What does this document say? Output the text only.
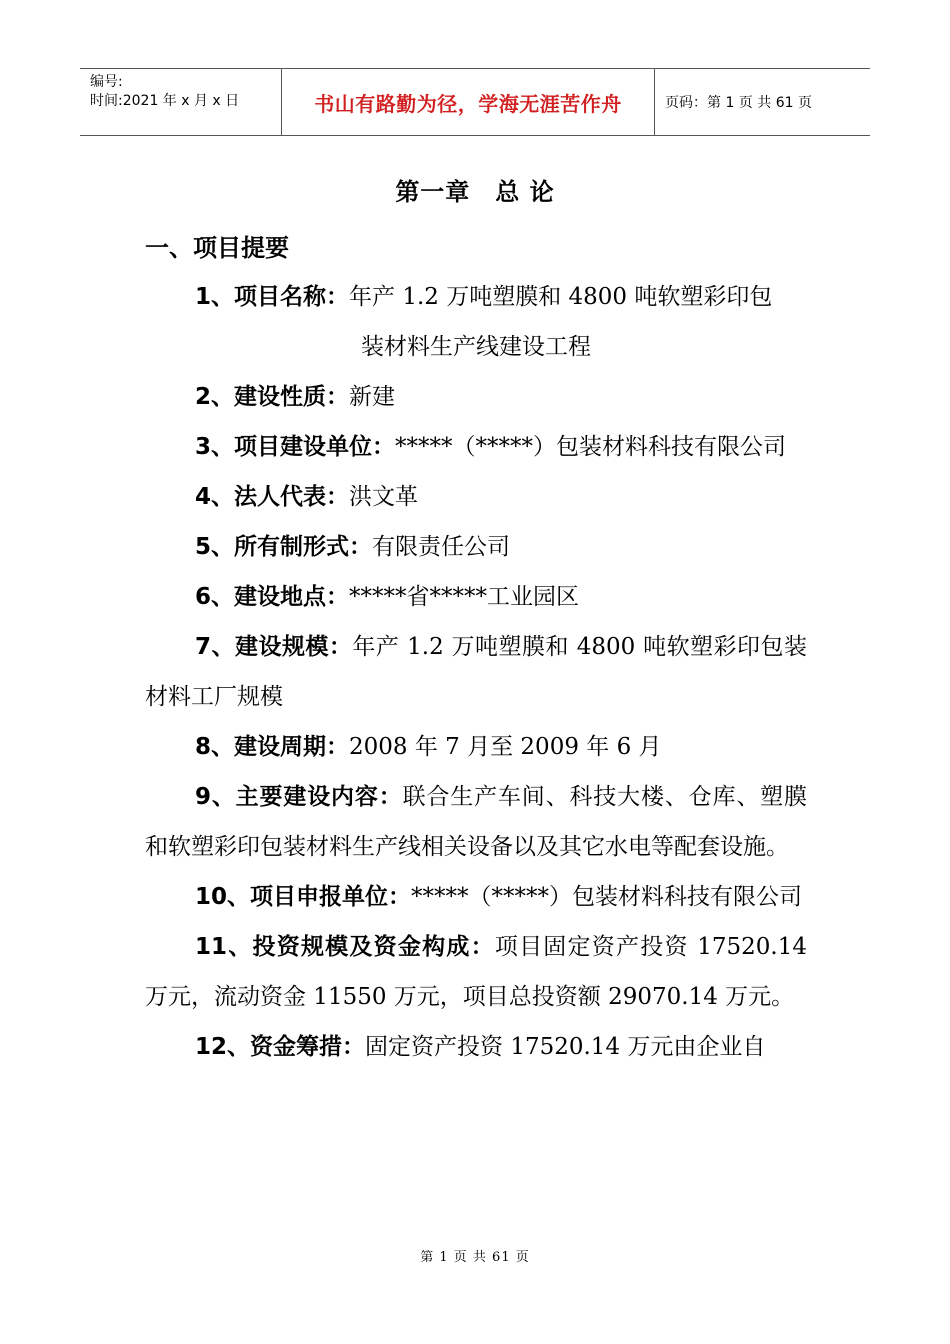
编号:
时间:2021 年 x 月 x 日	书山有路勤为径，学海无涯苦作舟	页码：第 1 页 共 61 页
第一章　总 论
一、项目提要

1、项目名称：年产 1.2 万吨塑膜和 4800 吨软塑彩印包

装材料生产线建设工程

2、建设性质：新建

3、项目建设单位：*****（*****）包装材料科技有限公司

4、法人代表：洪文革

5、所有制形式：有限责任公司

6、建设地点：*****省*****工业园区

7、建设规模：年产 1.2 万吨塑膜和 4800 吨软塑彩印包装材料工厂规模

8、建设周期：2008 年 7 月至 2009 年 6 月

9、主要建设内容：联合生产车间、科技大楼、仓库、塑膜和软塑彩印包装材料生产线相关设备以及其它水电等配套设施。

10、项目申报单位：*****（*****）包装材料科技有限公司

11、投资规模及资金构成：项目固定资产投资 17520.14 万元，流动资金 11550 万元，项目总投资额 29070.14 万元。

12、资金筹措：固定资产投资 17520.14 万元由企业自

第 1 页 共 61 页
